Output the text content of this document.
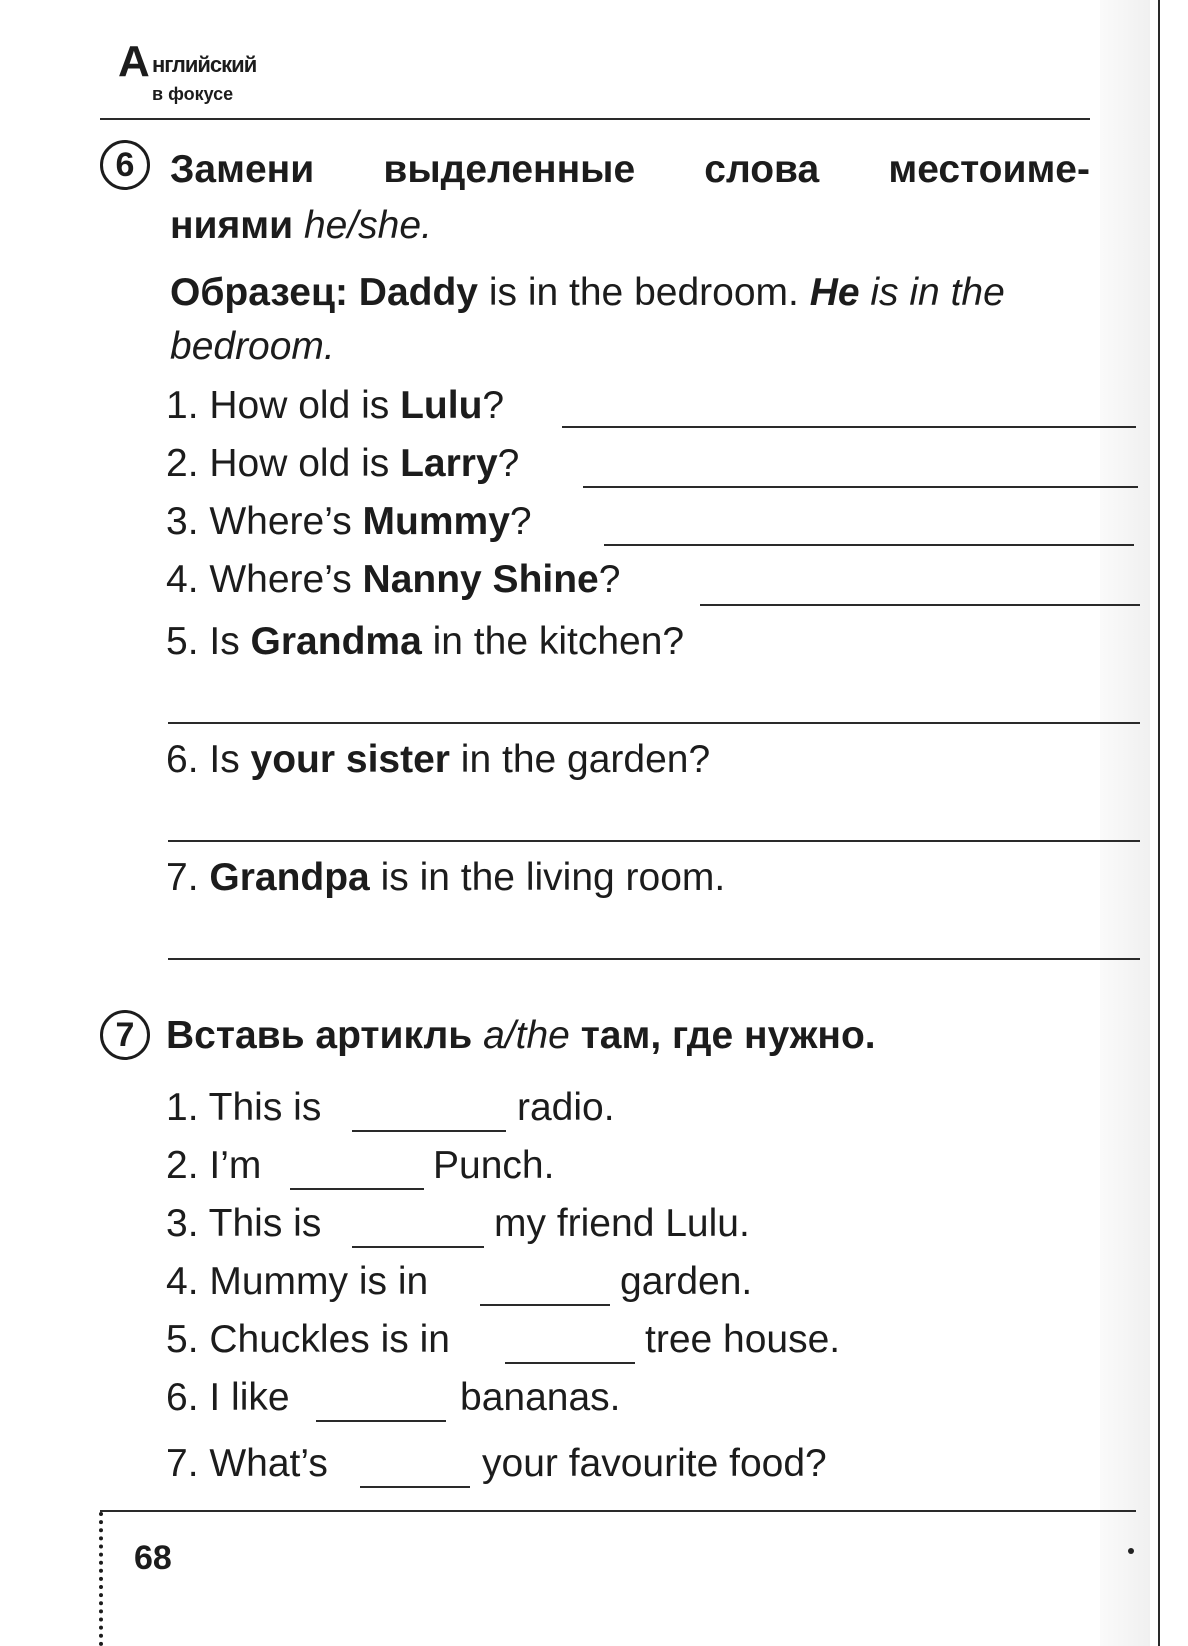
А нглийский
в фокусе
6 Замени выделенные слова местоиме-
ниями he/she.
Образец: Daddy is in the bedroom. He is in the
bedroom.
1. How old is Lulu?
2. How old is Larry?
3. Where’s Mummy?
4. Where’s Nanny Shine?
5. Is Grandma in the kitchen?
6. Is your sister in the garden?
7. Grandpa is in the living room.
7 Вставь артикль a/the там, где нужно.
1. This is	radio.
2. I’m	Punch.
3. This is	my friend Lulu.
4. Mummy is in	garden.
5. Chuckles is in	tree house.
6. I like	bananas.
7. What’s	your favourite food?
68
